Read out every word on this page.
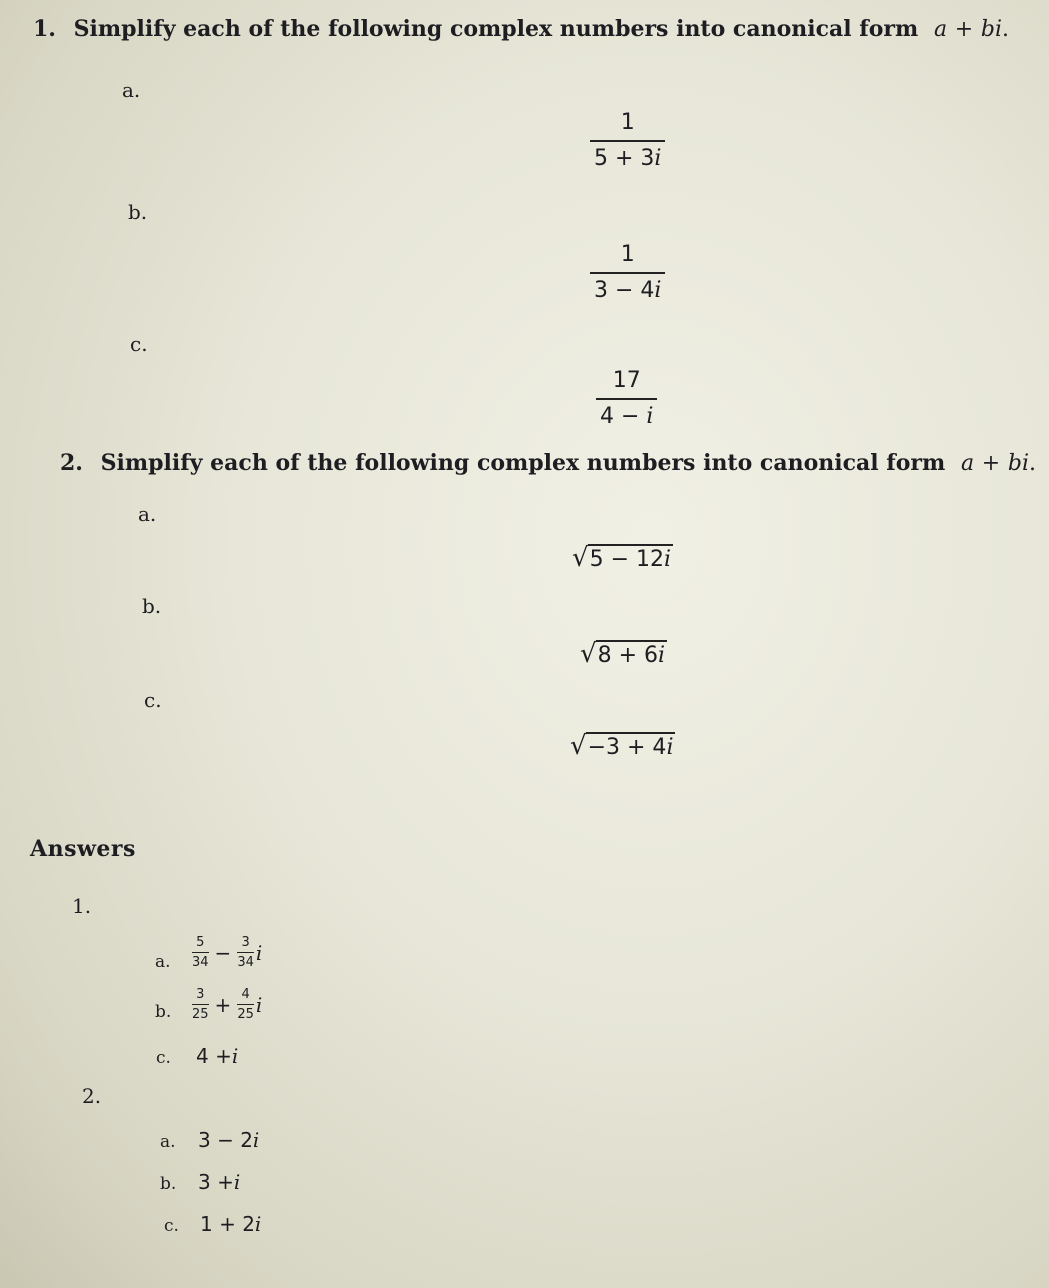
1. Simplify each of the following complex numbers into canonical form a + bi.
a.
1
5 + 3i
b.
1
3 − 4i
c.
17
4 − i
2. Simplify each of the following complex numbers into canonical form a + bi.
a.
√ 5 − 12i
b.
√ 8 + 6i
c.
√ −3 + 4i
Answers
1.
a. $\frac{5}{34} - \frac{3}{34}$ i
b. $\frac{3}{25} + \frac{4}{25}$ i
c. 4 + i
2.
a. 3 − 2 i
b. 3 + i
c. 1 + 2 i
